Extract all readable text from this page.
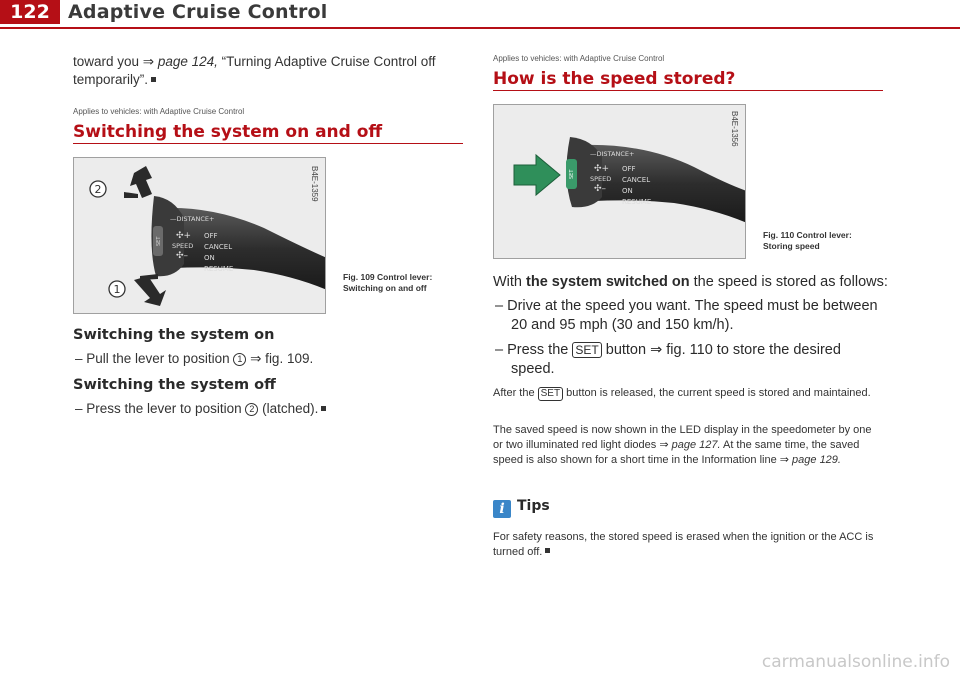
122 Adaptive Cruise Control
toward you ⇒ page 124, “Turning Adaptive Cruise Control off temporarily”.
Applies to vehicles: with Adaptive Cruise Control
Switching the system on and off
—DISTANCE+
OFF
CANCEL
ON
RESUME
SPEED
✣+
✣–
SET
2
1
B4E-1359
Fig. 109 Control lever: Switching on and off
Switching the system on
– Pull the lever to position 1 ⇒ fig. 109.
Switching the system off
– Press the lever to position 2 (latched).
Applies to vehicles: with Adaptive Cruise Control
How is the speed stored?
—DISTANCE+
OFF
CANCEL
ON
RESUME
SPEED
✣+
✣–
SET
B4E-1356
Fig. 110 Control lever: Storing speed
With the system switched on the speed is stored as follows:
– Drive at the speed you want. The speed must be between
20 and 95 mph (30 and 150 km/h).
– Press the SET button ⇒ fig. 110 to store the desired
speed.
After the SET button is released, the current speed is stored and maintained.
The saved speed is now shown in the LED display in the speedometer by one or two illuminated red light diodes ⇒ page 127. At the same time, the saved speed is also shown for a short time in the Information line ⇒ page 129.
i Tips
For safety reasons, the stored speed is erased when the ignition or the ACC is turned off.
carmanualsonline.info
